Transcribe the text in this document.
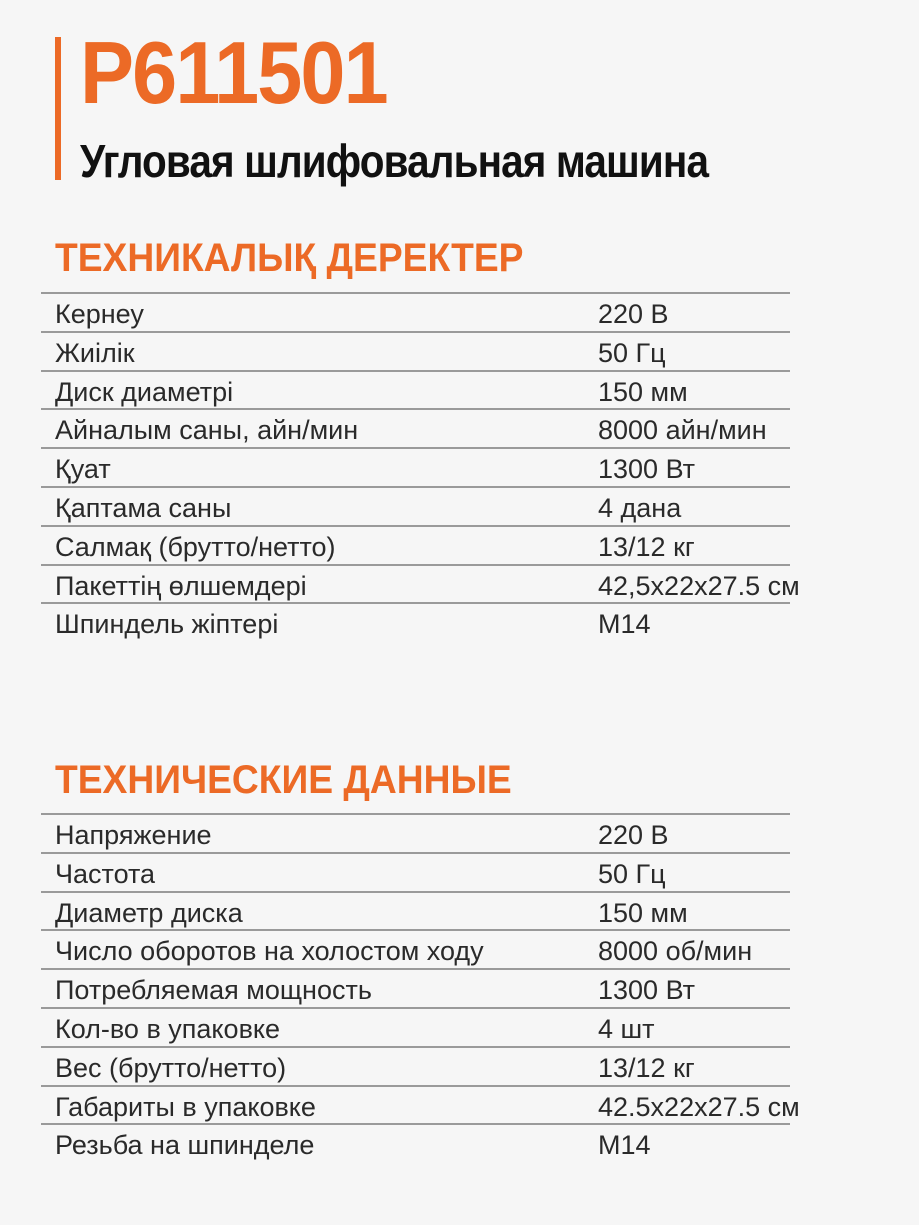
P611501
Угловая шлифовальная машина
ТЕХНИКАЛЫҚ ДЕРЕКТЕР
Кернеу	220 В
Жиілік	50 Гц
Диск диаметрі	150 мм
Айналым саны, айн/мин	8000 айн/мин
Қуат	1300 Вт
Қаптама саны	4 дана
Салмақ (брутто/нетто)	13/12 кг
Пакеттің өлшемдері	42,5x22x27.5 см
Шпиндель жіптері	M14
ТЕХНИЧЕСКИЕ ДАННЫЕ
Напряжение	220 В
Частота	50 Гц
Диаметр диска	150 мм
Число оборотов на холостом ходу	8000 об/мин
Потребляемая мощность	1300 Вт
Кол-во в упаковке	4 шт
Вес (брутто/нетто)	13/12 кг
Габариты в упаковке	42.5x22x27.5 см
Резьба на шпинделе	M14
